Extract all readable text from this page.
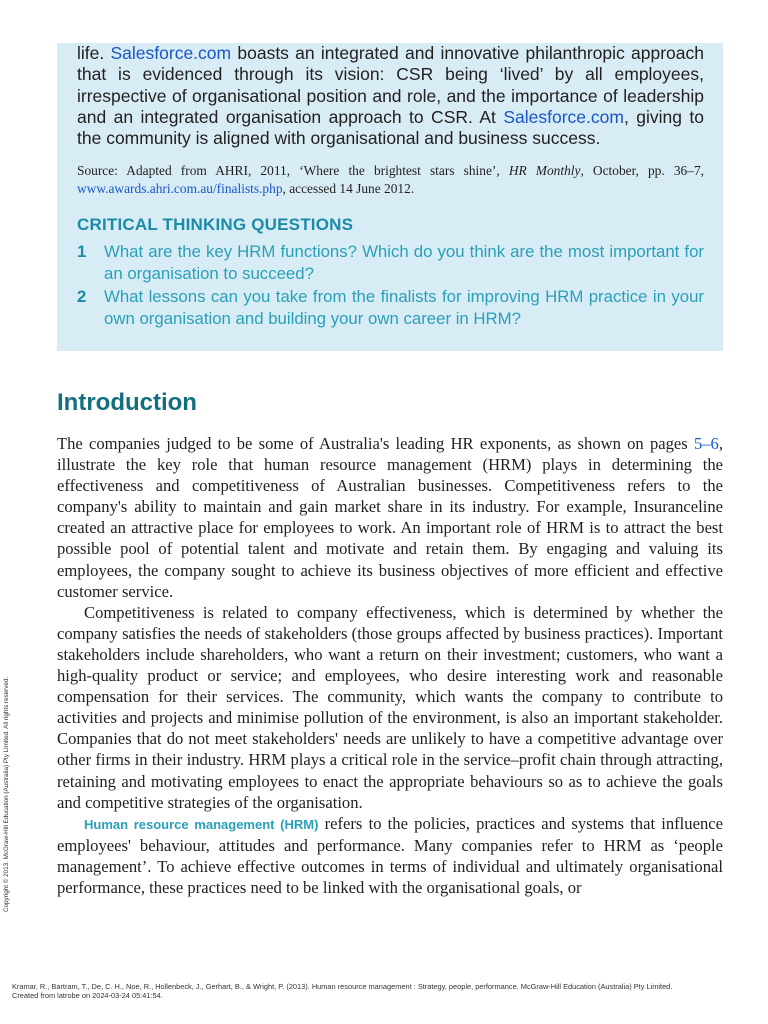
life. Salesforce.com boasts an integrated and innovative philanthropic approach that is evidenced through its vision: CSR being ‘lived’ by all employees, irrespective of organisational position and role, and the importance of leadership and an integrated organisation approach to CSR. At Salesforce.com, giving to the community is aligned with organisational and business success.

Source: Adapted from AHRI, 2011, ‘Where the brightest stars shine’, HR Monthly, October, pp. 36–7, www.awards.ahri.com.au/finalists.php, accessed 14 June 2012.

CRITICAL THINKING QUESTIONS
1 What are the key HRM functions? Which do you think are the most important for an organisation to succeed?
2 What lessons can you take from the finalists for improving HRM practice in your own organisation and building your own career in HRM?
Introduction

The companies judged to be some of Australia's leading HR exponents, as shown on pages 5–6, illustrate the key role that human resource management (HRM) plays in determining the effectiveness and competitiveness of Australian businesses. Competitiveness refers to the company's ability to maintain and gain market share in its industry. For example, Insuranceline created an attractive place for employees to work. An important role of HRM is to attract the best possible pool of potential talent and motivate and retain them. By engaging and valuing its employees, the company sought to achieve its business objectives of more efficient and effective customer service.

Competitiveness is related to company effectiveness, which is determined by whether the company satisfies the needs of stakeholders (those groups affected by business practices). Important stakeholders include shareholders, who want a return on their investment; customers, who want a high-quality product or service; and employees, who desire interesting work and reasonable compensation for their services. The community, which wants the company to contribute to activities and projects and minimise pollution of the environment, is also an important stakeholder. Companies that do not meet stakeholders' needs are unlikely to have a competitive advantage over other firms in their industry. HRM plays a critical role in the service–profit chain through attracting, retaining and motivating employees to enact the appropriate behaviours so as to achieve the goals and competitive strategies of the organisation.

Human resource management (HRM) refers to the policies, practices and systems that influence employees' behaviour, attitudes and performance. Many companies refer to HRM as ‘people management’. To achieve effective outcomes in terms of individual and ultimately organisational performance, these practices need to be linked with the organisational goals, or

Copyright © 2013. McGraw-Hill Education (Australia) Pty Limited. All rights reserved.
Kramar, R., Bartram, T., De, C. H., Noe, R., Hollenbeck, J., Gerhart, B., & Wright, P. (2013). Human resource management : Strategy, people, performance. McGraw-Hill Education (Australia) Pty Limited.
Created from latrobe on 2024-03-24 05:41:54.
